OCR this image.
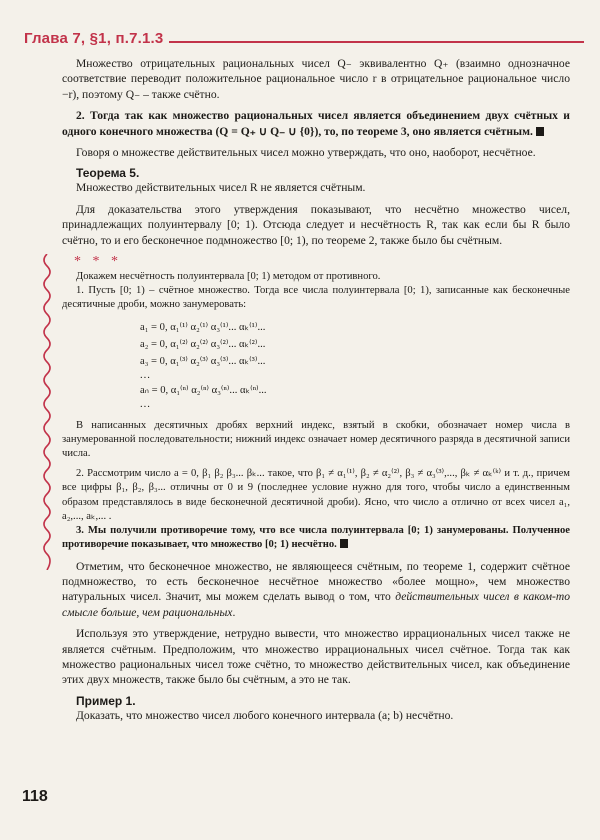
Глава 7, §1, п.7.1.3

Множество отрицательных рациональных чисел Q₋ эквивалентно Q₊ (взаимно однозначное соответствие переводит положительное рациональное число r в отрицательное рациональное число −r), поэтому Q₋ – также счётно.

2. Тогда так как множество рациональных чисел является объединением двух счётных и одного конечного множества (Q = Q₊ ∪ Q₋ ∪ {0}), то, по теореме 3, оно является счётным.

Говоря о множестве действительных чисел можно утверждать, что оно, наоборот, несчётное.

Теорема 5.

Множество действительных чисел R не является счётным.

Для доказательства этого утверждения показывают, что несчётно множество чисел, принадлежащих полуинтервалу [0; 1). Отсюда следует и несчётность R, так как если бы R было счётно, то и его бесконечное подмножество [0; 1), по теореме 2, также было бы счётным.

* * *

Докажем несчётность полуинтервала [0; 1) методом от противного.

1. Пусть [0; 1) – счётное множество. Тогда все числа полуинтервала [0; 1), записанные как бесконечные десятичные дроби, можно занумеровать:

a₁ = 0, α₁⁽¹⁾ α₂⁽¹⁾ α₃⁽¹⁾... αₖ⁽¹⁾...
a₂ = 0, α₁⁽²⁾ α₂⁽²⁾ α₃⁽²⁾... αₖ⁽²⁾...
a₃ = 0, α₁⁽³⁾ α₂⁽³⁾ α₃⁽³⁾... αₖ⁽³⁾...
...
aₙ = 0, α₁⁽ⁿ⁾ α₂⁽ⁿ⁾ α₃⁽ⁿ⁾... αₖ⁽ⁿ⁾...
...

В написанных десятичных дробях верхний индекс, взятый в скобки, обозначает номер числа в занумерованной последовательности; нижний индекс означает номер десятичного разряда в десятичной записи числа.

2. Рассмотрим число a = 0, β₁ β₂ β₃... βₖ... такое, что β₁ ≠ α₁⁽¹⁾, β₂ ≠ α₂⁽²⁾, β₃ ≠ α₃⁽³⁾,..., βₖ ≠ αₖ⁽ᵏ⁾ и т. д., причем все цифры β₁, β₂, β₃... отличны от 0 и 9 (последнее условие нужно для того, чтобы число a единственным образом представлялось в виде бесконечной десятичной дроби). Ясно, что число a отлично от всех чисел a₁, a₂,..., aₖ,... .

3. Мы получили противоречие тому, что все числа полуинтервала [0; 1) занумерованы. Полученное противоречие показывает, что множество [0; 1) несчётно.

Отметим, что бесконечное множество, не являющееся счётным, по теореме 1, содержит счётное подмножество, то есть бесконечное несчётное множество «более мощно», чем множество натуральных чисел. Значит, мы можем сделать вывод о том, что действительных чисел в каком-то смысле больше, чем рациональных.

Используя это утверждение, нетрудно вывести, что множество иррациональных чисел также не является счётным. Предположим, что множество иррациональных чисел счётное. Тогда так как множество рациональных чисел тоже счётно, то множество действительных чисел, как объединение этих двух множеств, также было бы счётным, а это не так.

Пример 1.

Доказать, что множество чисел любого конечного интервала (a; b) несчётно.

118
